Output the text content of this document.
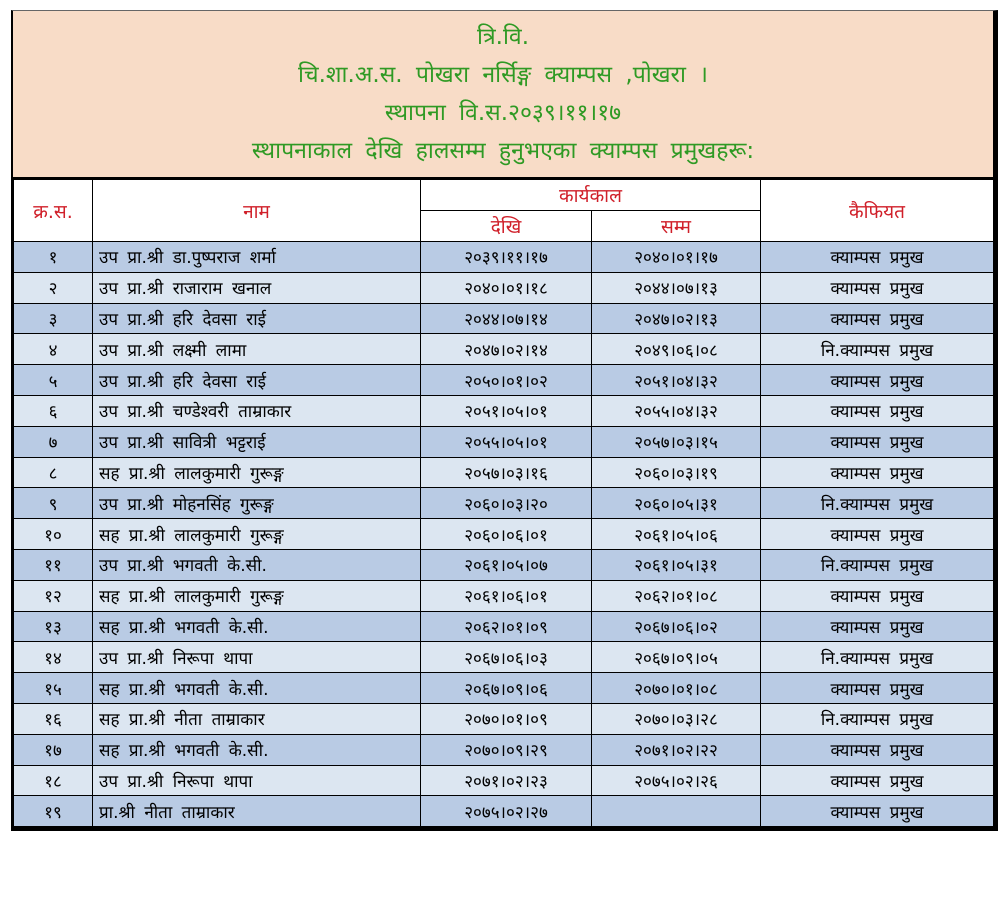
त्रि.वि.
चि.शा.अ.स. पोखरा नर्सिङ्ग क्याम्पस ,पोखरा ।
स्थापना वि.स.२०३९।११।१७
स्थापनाकाल देखि हालसम्म हुनुभएका क्याम्पस प्रमुखहरू:
क्र.स.	नाम	कार्यकाल		कैफियत
		देखि	सम्म	
१	उप प्रा.श्री डा.पुष्पराज शर्मा	२०३९।११।१७	२०४०।०१।१७	क्याम्पस प्रमुख
२	उप प्रा.श्री राजाराम खनाल	२०४०।०१।१८	२०४४।०७।१३	क्याम्पस प्रमुख
३	उप प्रा.श्री हरि देवसा राई	२०४४।०७।१४	२०४७।०२।१३	क्याम्पस प्रमुख
४	उप प्रा.श्री लक्ष्मी लामा	२०४७।०२।१४	२०४९।०६।०८	नि.क्याम्पस प्रमुख
५	उप प्रा.श्री हरि देवसा राई	२०५०।०१।०२	२०५१।०४।३२	क्याम्पस प्रमुख
६	उप प्रा.श्री चण्डेश्वरी ताम्राकार	२०५१।०५।०१	२०५५।०४।३२	क्याम्पस प्रमुख
७	उप प्रा.श्री सावित्री भट्टराई	२०५५।०५।०१	२०५७।०३।१५	क्याम्पस प्रमुख
८	सह प्रा.श्री लालकुमारी गुरूङ्ग	२०५७।०३।१६	२०६०।०३।१९	क्याम्पस प्रमुख
९	उप प्रा.श्री मोहनसिंह गुरूङ्ग	२०६०।०३।२०	२०६०।०५।३१	नि.क्याम्पस प्रमुख
१०	सह प्रा.श्री लालकुमारी गुरूङ्ग	२०६०।०६।०१	२०६१।०५।०६	क्याम्पस प्रमुख
११	उप प्रा.श्री भगवती के.सी.	२०६१।०५।०७	२०६१।०५।३१	नि.क्याम्पस प्रमुख
१२	सह प्रा.श्री लालकुमारी गुरूङ्ग	२०६१।०६।०१	२०६२।०१।०८	क्याम्पस प्रमुख
१३	सह प्रा.श्री भगवती के.सी.	२०६२।०१।०९	२०६७।०६।०२	क्याम्पस प्रमुख
१४	उप प्रा.श्री निरूपा थापा	२०६७।०६।०३	२०६७।०९।०५	नि.क्याम्पस प्रमुख
१५	सह प्रा.श्री भगवती के.सी.	२०६७।०९।०६	२०७०।०१।०८	क्याम्पस प्रमुख
१६	सह प्रा.श्री नीता ताम्राकार	२०७०।०१।०९	२०७०।०३।२८	नि.क्याम्पस प्रमुख
१७	सह प्रा.श्री भगवती के.सी.	२०७०।०९।२९	२०७१।०२।२२	क्याम्पस प्रमुख
१८	उप प्रा.श्री निरूपा थापा	२०७१।०२।२३	२०७५।०२।२६	क्याम्पस प्रमुख
१९	प्रा.श्री नीता ताम्राकार	२०७५।०२।२७		क्याम्पस प्रमुख
